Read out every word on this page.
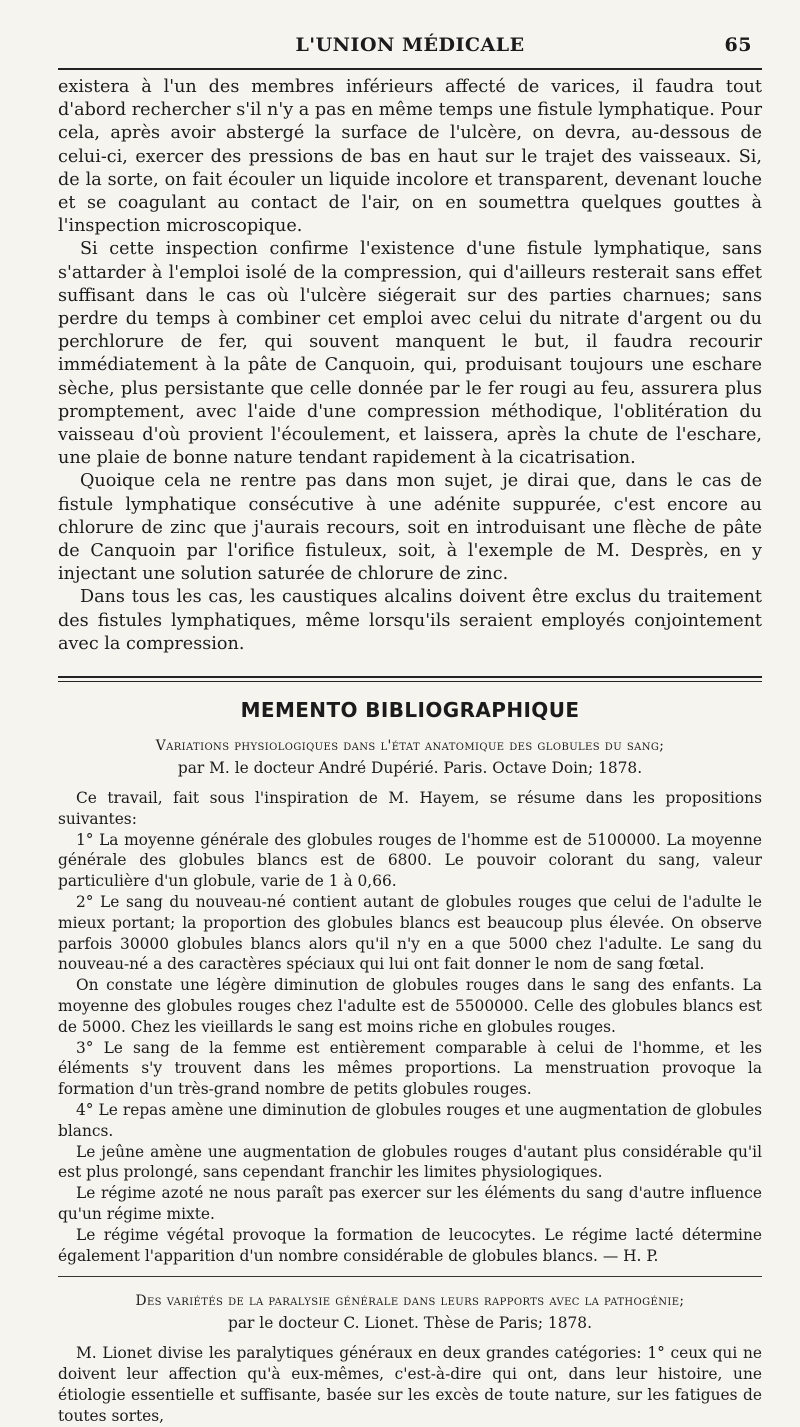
L'UNION MÉDICALE	65

existera à l'un des membres inférieurs affecté de varices, il faudra tout d'abord rechercher s'il n'y a pas en même temps une fistule lymphatique. Pour cela, après avoir abstergé la surface de l'ulcère, on devra, au-dessous de celui-ci, exercer des pressions de bas en haut sur le trajet des vaisseaux. Si, de la sorte, on fait écouler un liquide incolore et transparent, devenant louche et se coagulant au contact de l'air, on en soumettra quelques gouttes à l'inspection microscopique.

Si cette inspection confirme l'existence d'une fistule lymphatique, sans s'attarder à l'emploi isolé de la compression, qui d'ailleurs resterait sans effet suffisant dans le cas où l'ulcère siégerait sur des parties charnues; sans perdre du temps à combiner cet emploi avec celui du nitrate d'argent ou du perchlorure de fer, qui souvent manquent le but, il faudra recourir immédiatement à la pâte de Canquoin, qui, produisant toujours une eschare sèche, plus persistante que celle donnée par le fer rougi au feu, assurera plus promptement, avec l'aide d'une compression méthodique, l'oblitération du vaisseau d'où provient l'écoulement, et laissera, après la chute de l'eschare, une plaie de bonne nature tendant rapidement à la cicatrisation.

Quoique cela ne rentre pas dans mon sujet, je dirai que, dans le cas de fistule lymphatique consécutive à une adénite suppurée, c'est encore au chlorure de zinc que j'aurais recours, soit en introduisant une flèche de pâte de Canquoin par l'orifice fistuleux, soit, à l'exemple de M. Desprès, en y injectant une solution saturée de chlorure de zinc.

Dans tous les cas, les caustiques alcalins doivent être exclus du traitement des fistules lymphatiques, même lorsqu'ils seraient employés conjointement avec la compression.

MEMENTO BIBLIOGRAPHIQUE
Variations physiologiques dans l'état anatomique des globules du sang;
par M. le docteur André Dupérié. Paris. Octave Doin; 1878.

Ce travail, fait sous l'inspiration de M. Hayem, se résume dans les propositions suivantes:

1° La moyenne générale des globules rouges de l'homme est de 5100000. La moyenne générale des globules blancs est de 6800. Le pouvoir colorant du sang, valeur particulière d'un globule, varie de 1 à 0,66.

2° Le sang du nouveau-né contient autant de globules rouges que celui de l'adulte le mieux portant; la proportion des globules blancs est beaucoup plus élevée. On observe parfois 30000 globules blancs alors qu'il n'y en a que 5000 chez l'adulte. Le sang du nouveau-né a des caractères spéciaux qui lui ont fait donner le nom de sang fœtal.

On constate une légère diminution de globules rouges dans le sang des enfants. La moyenne des globules rouges chez l'adulte est de 5500000. Celle des globules blancs est de 5000. Chez les vieillards le sang est moins riche en globules rouges.

3° Le sang de la femme est entièrement comparable à celui de l'homme, et les éléments s'y trouvent dans les mêmes proportions. La menstruation provoque la formation d'un très-grand nombre de petits globules rouges.

4° Le repas amène une diminution de globules rouges et une augmentation de globules blancs.

Le jeûne amène une augmentation de globules rouges d'autant plus considérable qu'il est plus prolongé, sans cependant franchir les limites physiologiques.

Le régime azoté ne nous paraît pas exercer sur les éléments du sang d'autre influence qu'un régime mixte.

Le régime végétal provoque la formation de leucocytes. Le régime lacté détermine également l'apparition d'un nombre considérable de globules blancs. — H. P.

Des variétés de la paralysie générale dans leurs rapports avec la pathogénie;
par le docteur C. Lionet. Thèse de Paris; 1878.

M. Lionet divise les paralytiques généraux en deux grandes catégories: 1° ceux qui ne doivent leur affection qu'à eux-mêmes, c'est-à-dire qui ont, dans leur histoire, une étiologie essentielle et suffisante, basée sur les excès de toute nature, sur les fatigues de toutes sortes,
